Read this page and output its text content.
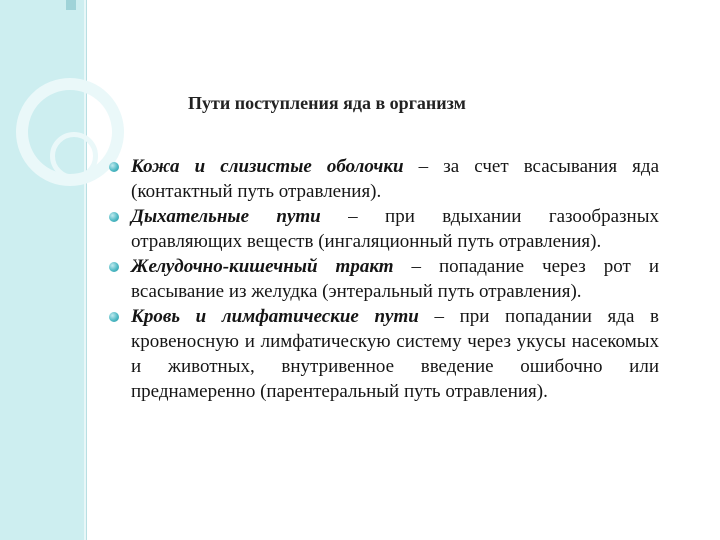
Пути поступления яда в организм

Кожа и слизистые оболочки – за счет всасывания яда (контактный путь отравления).

Дыхательные пути – при вдыхании газообразных отравляющих веществ (ингаляционный путь отравления).

Желудочно-кишечный тракт – попадание через рот и всасывание из желудка (энтеральный путь отравления).

Кровь и лимфатические пути – при попадании яда в кровеносную и лимфатическую систему через укусы насекомых и животных, внутривенное введение ошибочно или преднамеренно (парентеральный путь отравления).
